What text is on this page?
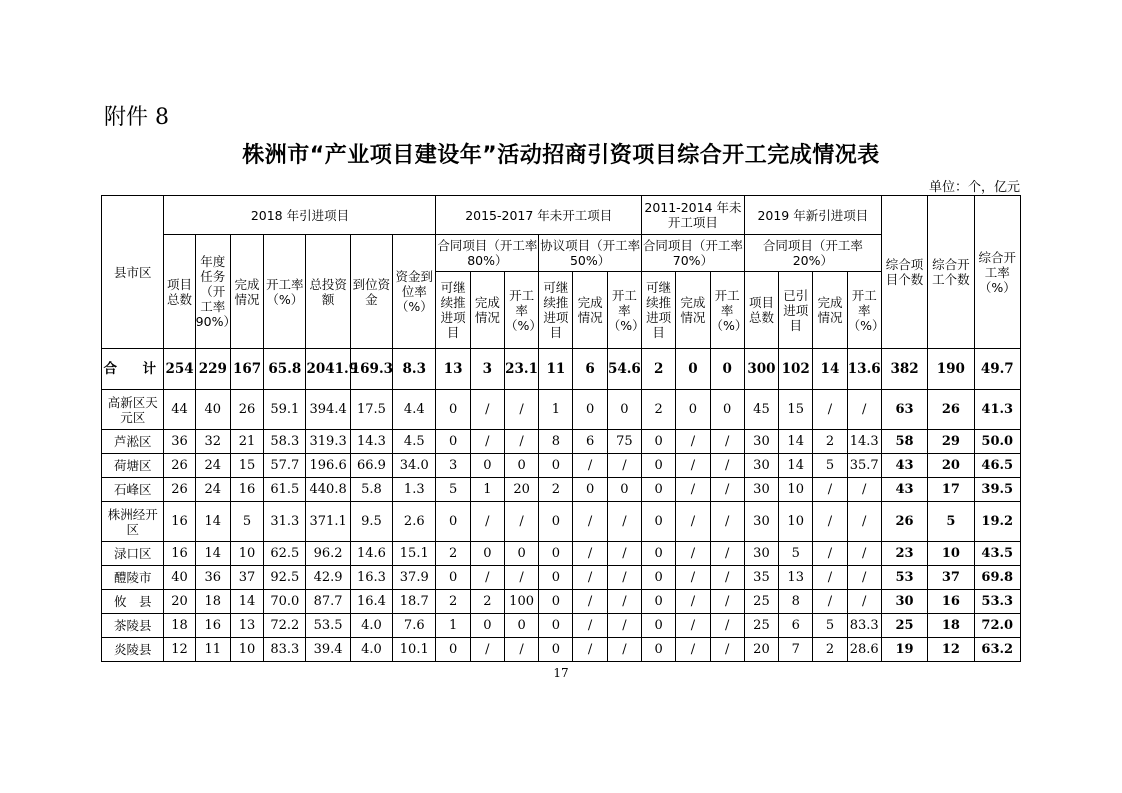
附件 8
株洲市“产业项目建设年”活动招商引资项目综合开工完成情况表
单位：个，亿元
县市区	2018 年引进项目							2015-2017 年未开工项目						2011-2014 年未开工项目			2019 年新引进项目				综合项目个数	综合开工个数	综合开工率（%）
	项目总数	年度任务（开工率90%）	完成情况	开工率（%）	总投资额	到位资金	资金到位率（%）	合同项目（开工率 80%）			协议项目（开工率 50%）			合同项目（开工率 70%）			合同项目（开工率 20%）						
								可继续推进项目	完成情况	开工率（%）	可继续推进项目	完成情况	开工率（%）	可继续推进项目	完成情况	开工率（%）	项目总数	已引进项目	完成情况	开工率（%）			
合　计	254	229	167	65.8	2041.9	169.3	8.3	13	3	23.1	11	6	54.6	2	0	0	300	102	14	13.6	382	190	49.7
高新区天元区	44	40	26	59.1	394.4	17.5	4.4	0	/	/	1	0	0	2	0	0	45	15	/	/	63	26	41.3
芦淞区	36	32	21	58.3	319.3	14.3	4.5	0	/	/	8	6	75	0	/	/	30	14	2	14.3	58	29	50.0
荷塘区	26	24	15	57.7	196.6	66.9	34.0	3	0	0	0	/	/	0	/	/	30	14	5	35.7	43	20	46.5
石峰区	26	24	16	61.5	440.8	5.8	1.3	5	1	20	2	0	0	0	/	/	30	10	/	/	43	17	39.5
株洲经开区	16	14	5	31.3	371.1	9.5	2.6	0	/	/	0	/	/	0	/	/	30	10	/	/	26	5	19.2
渌口区	16	14	10	62.5	96.2	14.6	15.1	2	0	0	0	/	/	0	/	/	30	5	/	/	23	10	43.5
醴陵市	40	36	37	92.5	42.9	16.3	37.9	0	/	/	0	/	/	0	/	/	35	13	/	/	53	37	69.8
攸　县	20	18	14	70.0	87.7	16.4	18.7	2	2	100	0	/	/	0	/	/	25	8	/	/	30	16	53.3
茶陵县	18	16	13	72.2	53.5	4.0	7.6	1	0	0	0	/	/	0	/	/	25	6	5	83.3	25	18	72.0
炎陵县	12	11	10	83.3	39.4	4.0	10.1	0	/	/	0	/	/	0	/	/	20	7	2	28.6	19	12	63.2
17
